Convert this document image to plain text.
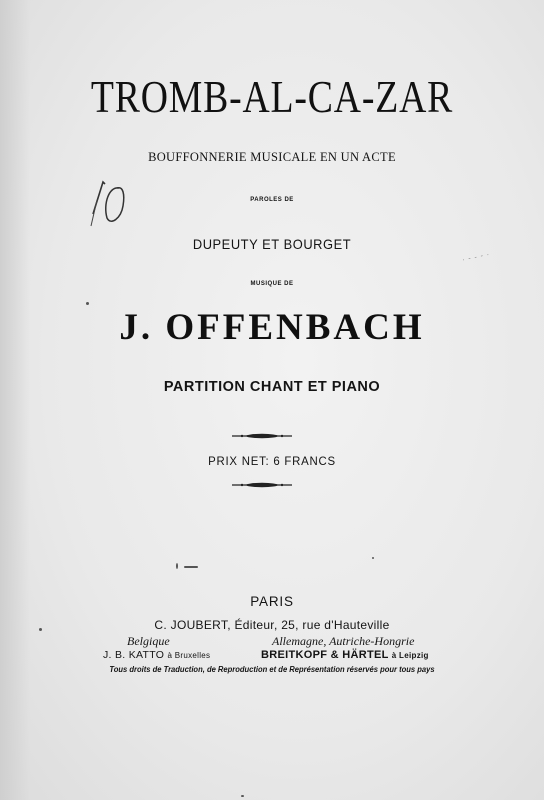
TROMB-AL-CA-ZAR
BOUFFONNERIE MUSICALE EN UN ACTE
PAROLES DE
DUPEUTY ET BOURGET
· - - - ·
MUSIQUE DE
J. OFFENBACH
PARTITION CHANT ET PIANO
PRIX NET: 6 FRANCS
PARIS
C. JOUBERT, Éditeur, 25, rue d'Hauteville
Belgique	Allemagne, Autriche-Hongrie
J. B. KATTO à Bruxelles	BREITKOPF & HÄRTEL à Leipzig
Tous droits de Traduction, de Reproduction et de Représentation réservés pour tous pays
